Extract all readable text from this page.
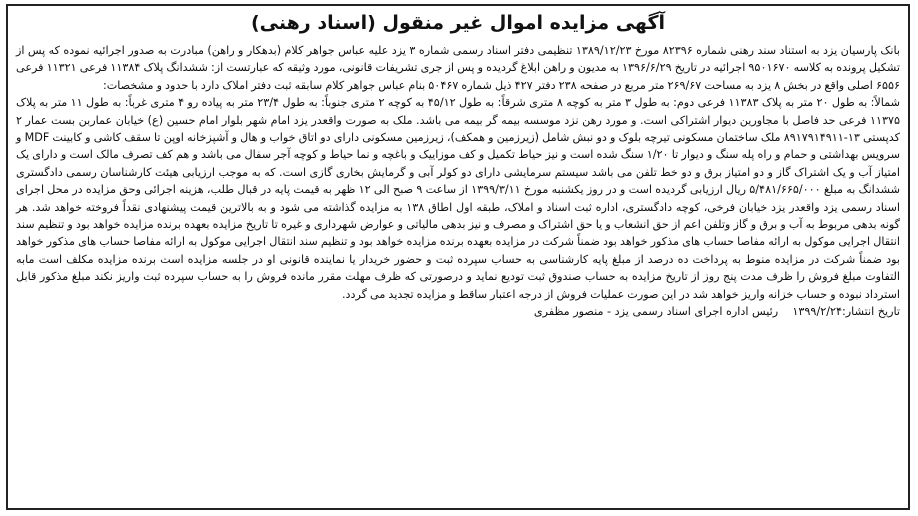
آگهی مزایده اموال غیر منقول (اسناد رهنی)

بانک پارسیان یزد به استناد سند رهنی شماره ۸۲۳۹۶ مورخ ۱۳۸۹/۱۲/۲۳ تنظیمی دفتر اسناد رسمی شماره ۳ یزد علیه عباس جواهر کلام (بدهکار و راهن) مبادرت به صدور اجرائیه نموده که پس از تشکیل پرونده به کلاسه ۹۵۰۱۶۷۰ اجرائیه در تاریخ ۱۳۹۶/۶/۲۹ به مدیون و راهن ابلاغ گردیده و پس از جری تشریفات قانونی، مورد وثیقه که عبارتست از: ششدانگ پلاک ۱۱۳۸۴ فرعی ۱۱۳۲۱ فرعی ۶۵۵۶ اصلی واقع در بخش ۸ یزد به مساحت ۲۶۹/۶۷ متر مربع در صفحه ۲۳۸ دفتر ۴۲۷ ذیل شماره ۵۰۴۶۷ بنام عباس جواهر کلام سابقه ثبت دفتر املاک دارد با حدود و مشخصات:

شمالاً: به طول ۲۰ متر به پلاک ۱۱۳۸۳ فرعی دوم: به طول ۳ متر به کوچه ۸ متری شرقاً: به طول ۴۵/۱۲ به کوچه ۲ متری جنوباً: به طول ۲۳/۴ متر به پیاده رو ۴ متری غرباً: به طول ۱۱ متر به پلاک ۱۱۳۷۵ فرعی حد فاصل با مجاورین دیوار اشتراکی است. و مورد رهن نزد موسسه بیمه گر بیمه می باشد. ملک به صورت واقعدر یزد امام شهر بلوار امام حسین (ع) خیابان عماربن بست عمار ۲ کدپستی ۱۳-۸۹۱۷۹۱۴۹۱۱ ملک ساختمان مسکونی تیرچه بلوک و دو نبش شامل (زیرزمین و همکف)، زیرزمین مسکونی دارای دو اتاق خواب و هال و آشپزخانه اوپن تا سقف کاشی و کابینت MDF و سرویس بهداشتی و حمام و راه پله سنگ و دیوار تا ۱/۲۰ سنگ شده است و نیز حیاط تکمیل و کف موزاییک و باغچه و نما حیاط و کوچه آجر سفال می باشد و هم کف تصرف مالک است و دارای یک امتیاز آب و یک اشتراک گاز و دو امتیاز برق و دو خط تلفن می باشد سیستم سرمایشی دارای دو کولر آبی و گرمایش بخاری گازی است. که به موجب ارزیابی هیئت کارشناسان رسمی دادگستری ششدانگ به مبلغ ۵/۴۸۱/۶۶۵/۰۰۰ ریال ارزیابی گردیده است و در روز یکشنبه مورخ ۱۳۹۹/۳/۱۱ از ساعت ۹ صبح الی ۱۲ ظهر به قیمت پایه در قبال طلب، هزینه اجرائی وحق مزایده در محل اجرای اسناد رسمی یزد واقعدر یزد خیابان فرخی، کوچه دادگستری، اداره ثبت اسناد و املاک، طبقه اول اطاق ۱۳۸ به مزایده گذاشته می شود و به بالاترین قیمت پیشنهادی نقداً فروخته خواهد شد. هر گونه بدهی مربوط به آب و برق و گاز وتلفن اعم از حق انشعاب و یا حق اشتراک و مصرف و نیز بدهی مالیاتی و عوارض شهرداری و غیره تا تاریخ مزایده بعهده برنده مزایده خواهد بود و تنظیم سند انتقال اجرایی موکول به ارائه مفاصا حساب های مذکور خواهد بود ضمناً شرکت در مزایده بعهده برنده مزایده خواهد بود و تنظیم سند انتقال اجرایی موکول به ارائه مفاصا حساب های مذکور خواهد بود ضمناً شرکت در مزایده منوط به پرداخت ده درصد از مبلغ پایه کارشناسی به حساب سپرده ثبت و حضور خریدار یا نماینده قانونی او در جلسه مزایده است برنده مزایده مکلف است مابه التفاوت مبلغ فروش را ظرف مدت پنج روز از تاریخ مزایده به حساب صندوق ثبت تودیع نماید و درصورتی که ظرف مهلت مقرر مانده فروش را به حساب سپرده ثبت واریز نکند مبلغ مذکور قابل استرداد نبوده و حساب خزانه واریز خواهد شد در این صورت عملیات فروش از درجه اعتبار ساقط و مزایده تجدید می گردد.

تاریخ انتشار:۱۳۹۹/۲/۲۴    رئیس اداره اجرای اسناد رسمی یزد - منصور مظفری
